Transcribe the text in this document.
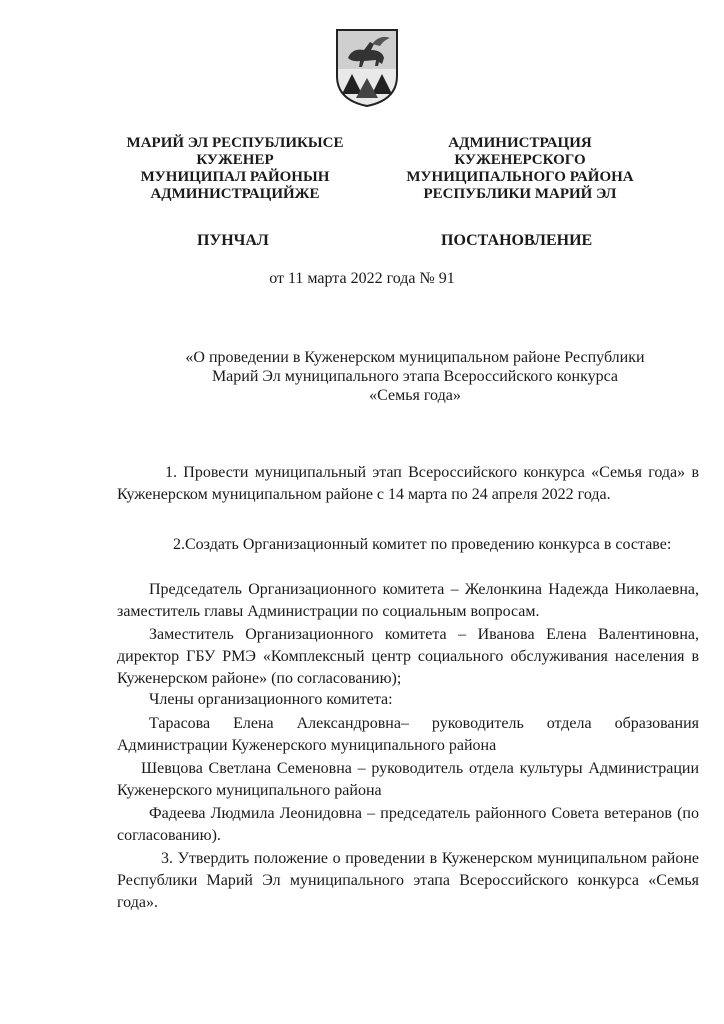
МАРИЙ ЭЛ РЕСПУБЛИКЫСЕ
КУЖЕНЕР
МУНИЦИПАЛ РАЙОНЫН
АДМИНИСТРАЦИЙЖЕ
АДМИНИСТРАЦИЯ
КУЖЕНЕРСКОГО
МУНИЦИПАЛЬНОГО РАЙОНА
РЕСПУБЛИКИ МАРИЙ ЭЛ
ПУНЧАЛ	ПОСТАНОВЛЕНИЕ
от 11 марта 2022 года № 91
«О проведении в Куженерском муниципальном районе Республики
Марий Эл муниципального этапа Всероссийского конкурса
«Семья года»

1. Провести муниципальный этап Всероссийского конкурса «Семья года» в Куженерском муниципальном районе с 14 марта по 24 апреля 2022 года.

2.Создать Организационный комитет по проведению конкурса в составе:

Председатель Организационного комитета – Желонкина Надежда Николаевна, заместитель главы Администрации по социальным вопросам.

Заместитель Организационного комитета – Иванова Елена Валентиновна, директор ГБУ РМЭ «Комплексный центр социального обслуживания населения в Куженерском районе» (по согласованию);

Члены организационного комитета:

Тарасова Елена Александровна– руководитель отдела образования Администрации Куженерского муниципального района

Шевцова Светлана Семеновна – руководитель отдела культуры Администрации Куженерского муниципального района

Фадеева Людмила Леонидовна – председатель районного Совета ветеранов (по согласованию).

3. Утвердить положение о проведении в Куженерском муниципальном районе Республики Марий Эл муниципального этапа Всероссийского конкурса «Семья года».
